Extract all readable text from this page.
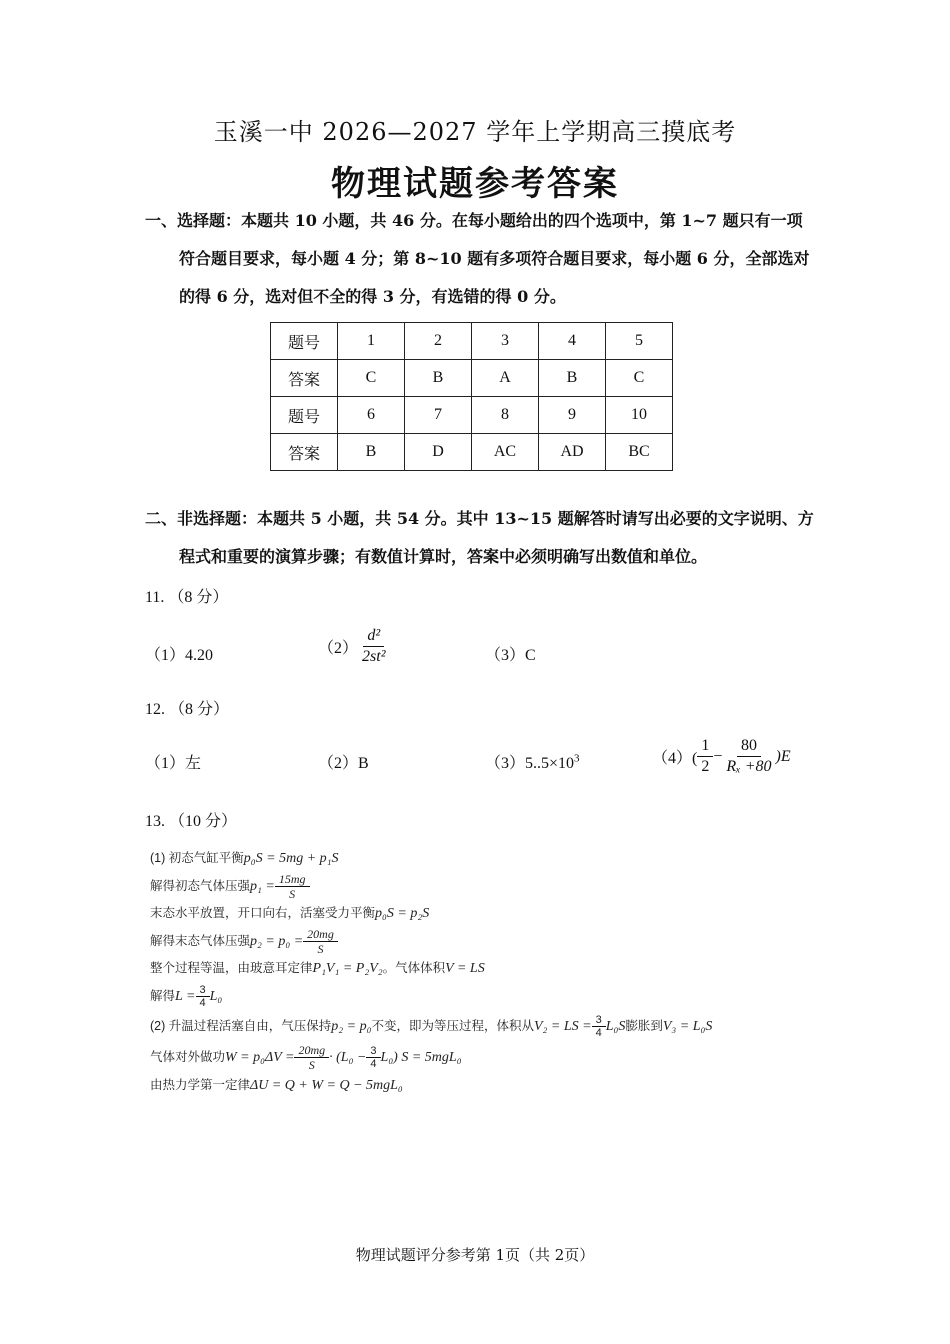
玉溪一中 2026—2027 学年上学期高三摸底考
物理试题参考答案
一、选择题：本题共 10 小题，共 46 分。在每小题给出的四个选项中，第 1~7 题只有一项
符合题目要求，每小题 4 分；第 8~10 题有多项符合题目要求，每小题 6 分，全部选对
的得 6 分，选对但不全的得 3 分，有选错的得 0 分。
题号	1	2	3	4	5
答案	C	B	A	B	C
题号	6	7	8	9	10
答案	B	D	AC	AD	BC
二、非选择题：本题共 5 小题，共 54 分。其中 13~15 题解答时请写出必要的文字说明、方
程式和重要的演算步骤；有数值计算时，答案中必须明确写出数值和单位。
11. （8 分）
（1）4.20	$(2) \frac{\text{d²}}{\text{2st²}}$	（3）C
12. （8 分）
（1）左	（2）B	$(3)5..5\times 10^3$	$(4)( \frac{1}{2} - \frac{80}{\text{Rₓ +80}} )E$
13. （10 分）
(1) 初态气缸平衡p₀S = 5mg + p₁S
解得初态气体压强 $p_1 = \frac{15mg}{S}$
末态水平放置，开口向右，活塞受力平衡p₀S = p₂S
解得末态气体压强 $p_2 = p_0 = \frac{20mg}{S}$
整个过程等温，由玻意耳定律P₁V₁ = P₂V₂。气体体积V = LS
解得 $L = \frac{3}{4} L_0$
(2) 升温过程活塞自由，气压保持 p₂ = p₀ 不变，即为等压过程，体积从 V₂ = LS = $\frac{3}{4} L_0S$ 膨胀到 V₃ = L₀S
气体对外做功 $W = p_0\Delta V = \frac{20mg}{S} \cdot (L_0 - \frac{3}{4} L_0) S = 5mgL_0$
由热力学第一定律ΔU = Q + W = Q − 5mgL₀
物理试题评分参考第 1页（共 2页）
